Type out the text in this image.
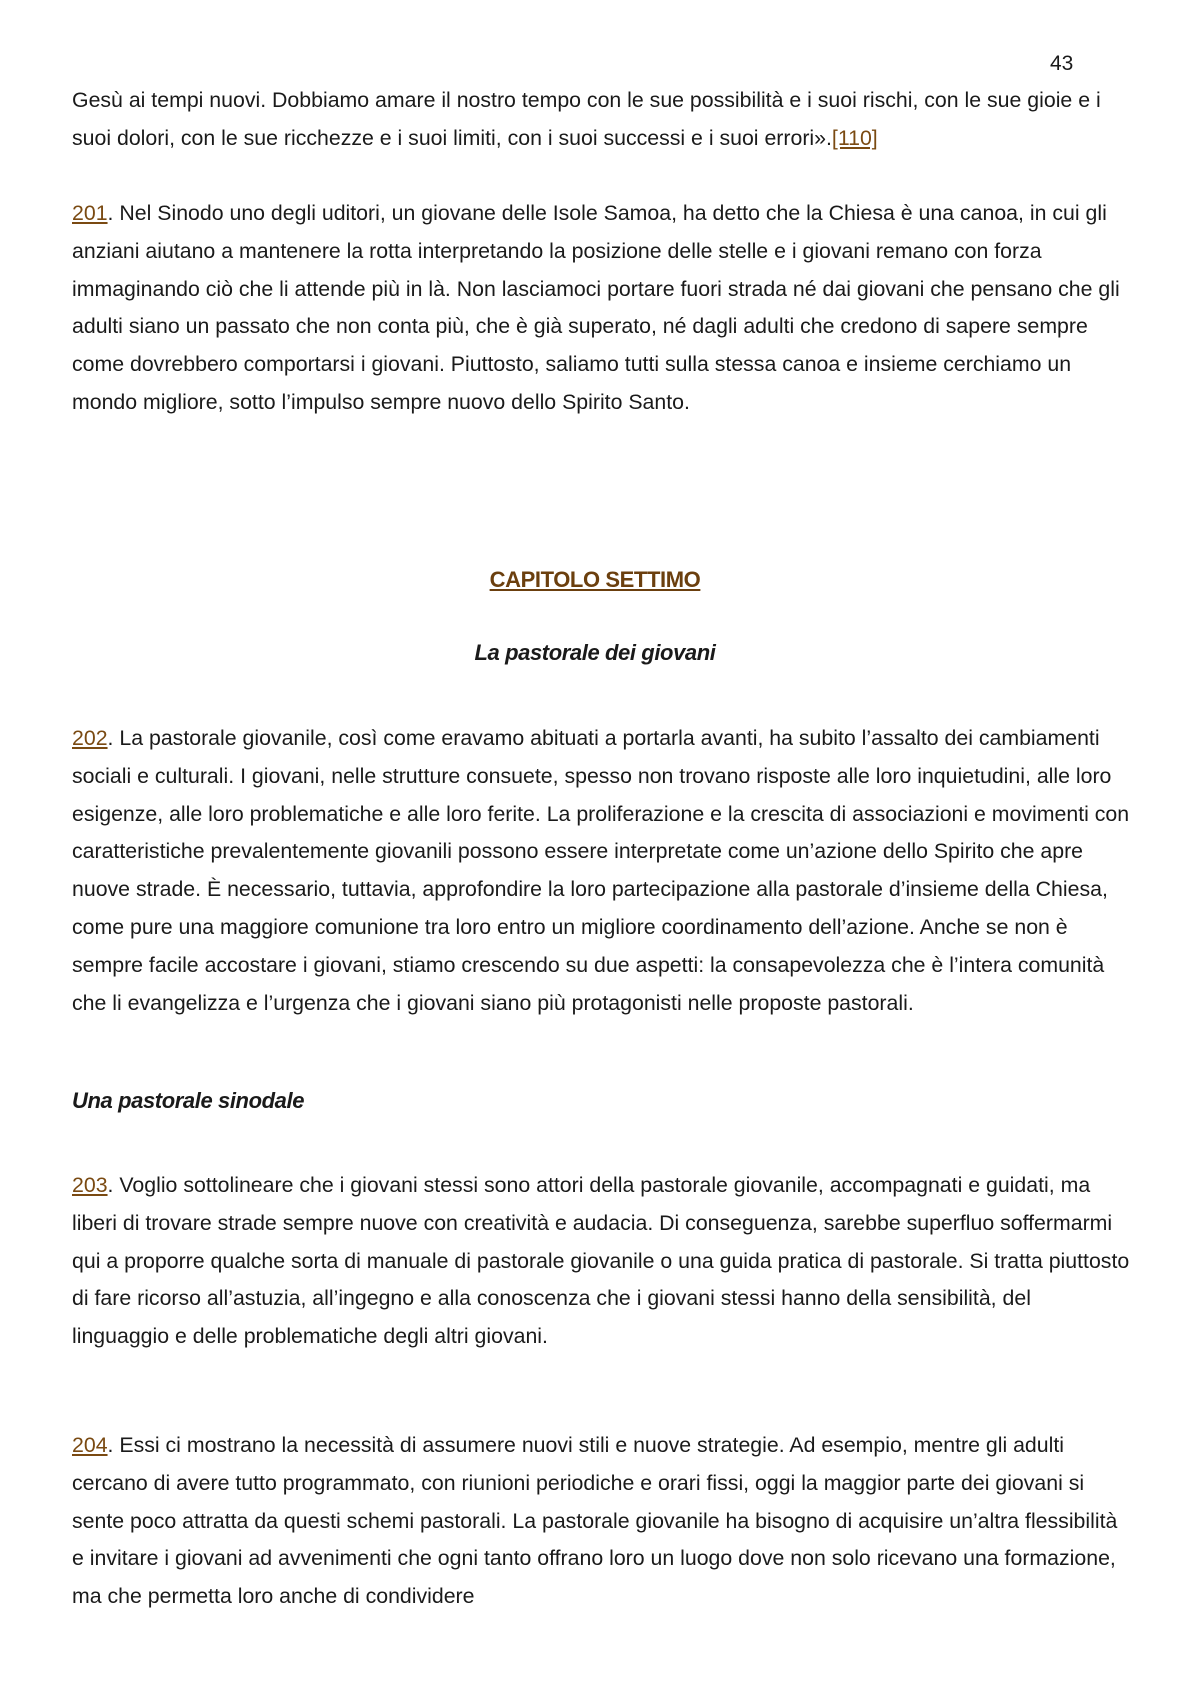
43

Gesù ai tempi nuovi. Dobbiamo amare il nostro tempo con le sue possibilità e i suoi rischi, con le sue gioie e i suoi dolori, con le sue ricchezze e i suoi limiti, con i suoi successi e i suoi errori».[110]

201. Nel Sinodo uno degli uditori, un giovane delle Isole Samoa, ha detto che la Chiesa è una canoa, in cui gli anziani aiutano a mantenere la rotta interpretando la posizione delle stelle e i giovani remano con forza immaginando ciò che li attende più in là. Non lasciamoci portare fuori strada né dai giovani che pensano che gli adulti siano un passato che non conta più, che è già superato, né dagli adulti che credono di sapere sempre come dovrebbero comportarsi i giovani. Piuttosto, saliamo tutti sulla stessa canoa e insieme cerchiamo un mondo migliore, sotto l’impulso sempre nuovo dello Spirito Santo.

CAPITOLO SETTIMO
La pastorale dei giovani

202. La pastorale giovanile, così come eravamo abituati a portarla avanti, ha subito l’assalto dei cambiamenti sociali e culturali. I giovani, nelle strutture consuete, spesso non trovano risposte alle loro inquietudini, alle loro esigenze, alle loro problematiche e alle loro ferite. La proliferazione e la crescita di associazioni e movimenti con caratteristiche prevalentemente giovanili possono essere interpretate come un’azione dello Spirito che apre nuove strade. È necessario, tuttavia, approfondire la loro partecipazione alla pastorale d’insieme della Chiesa, come pure una maggiore comunione tra loro entro un migliore coordinamento dell’azione. Anche se non è sempre facile accostare i giovani, stiamo crescendo su due aspetti: la consapevolezza che è l’intera comunità che li evangelizza e l’urgenza che i giovani siano più protagonisti nelle proposte pastorali.

Una pastorale sinodale

203. Voglio sottolineare che i giovani stessi sono attori della pastorale giovanile, accompagnati e guidati, ma liberi di trovare strade sempre nuove con creatività e audacia. Di conseguenza, sarebbe superfluo soffermarmi qui a proporre qualche sorta di manuale di pastorale giovanile o una guida pratica di pastorale. Si tratta piuttosto di fare ricorso all’astuzia, all’ingegno e alla conoscenza che i giovani stessi hanno della sensibilità, del linguaggio e delle problematiche degli altri giovani.

204. Essi ci mostrano la necessità di assumere nuovi stili e nuove strategie. Ad esempio, mentre gli adulti cercano di avere tutto programmato, con riunioni periodiche e orari fissi, oggi la maggior parte dei giovani si sente poco attratta da questi schemi pastorali. La pastorale giovanile ha bisogno di acquisire un’altra flessibilità e invitare i giovani ad avvenimenti che ogni tanto offrano loro un luogo dove non solo ricevano una formazione, ma che permetta loro anche di condividere
